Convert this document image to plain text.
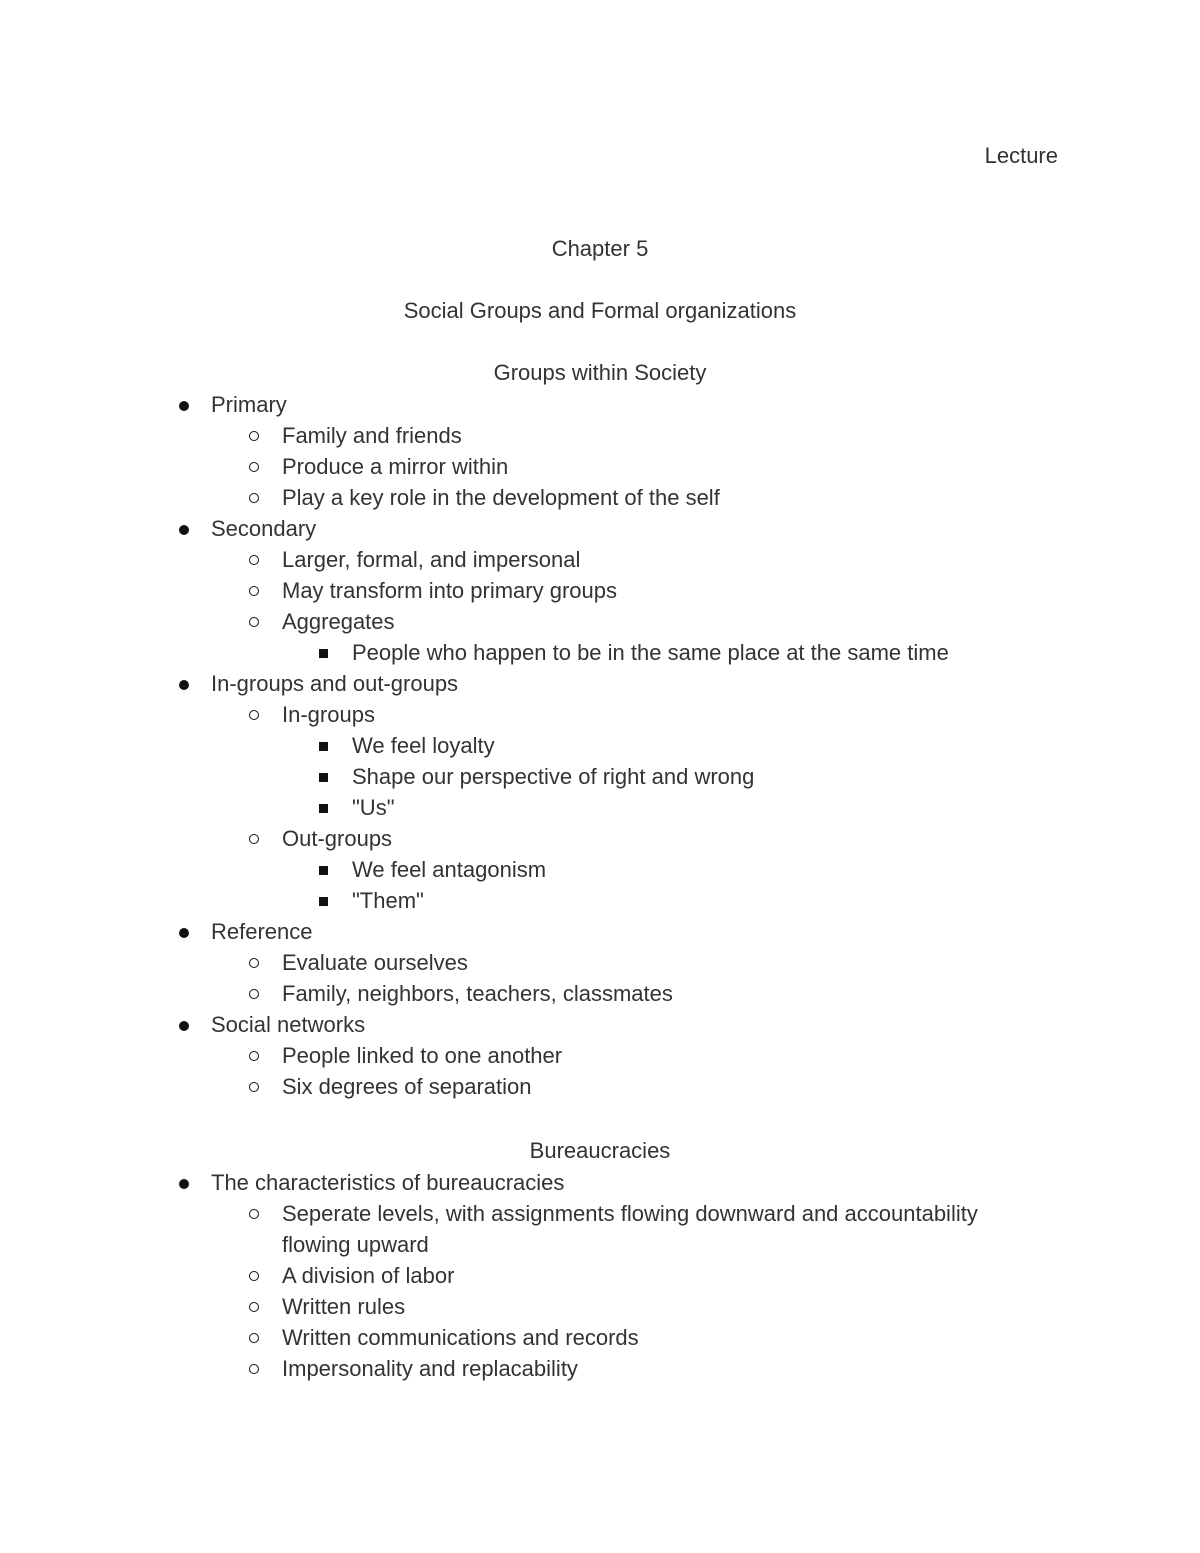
Lecture
Chapter 5
Social Groups and Formal organizations
Groups within Society
Primary
Family and friends
Produce a mirror within
Play a key role in the development of the self
Secondary
Larger, formal, and impersonal
May transform into primary groups
Aggregates
People who happen to be in the same place at the same time
In-groups and out-groups
In-groups
We feel loyalty
Shape our perspective of right and wrong
"Us"
Out-groups
We feel antagonism
"Them"
Reference
Evaluate ourselves
Family, neighbors, teachers, classmates
Social networks
People linked to one another
Six degrees of separation
Bureaucracies
The characteristics of bureaucracies
Seperate levels, with assignments flowing downward and accountability flowing upward
A division of labor
Written rules
Written communications and records
Impersonality and replacability
